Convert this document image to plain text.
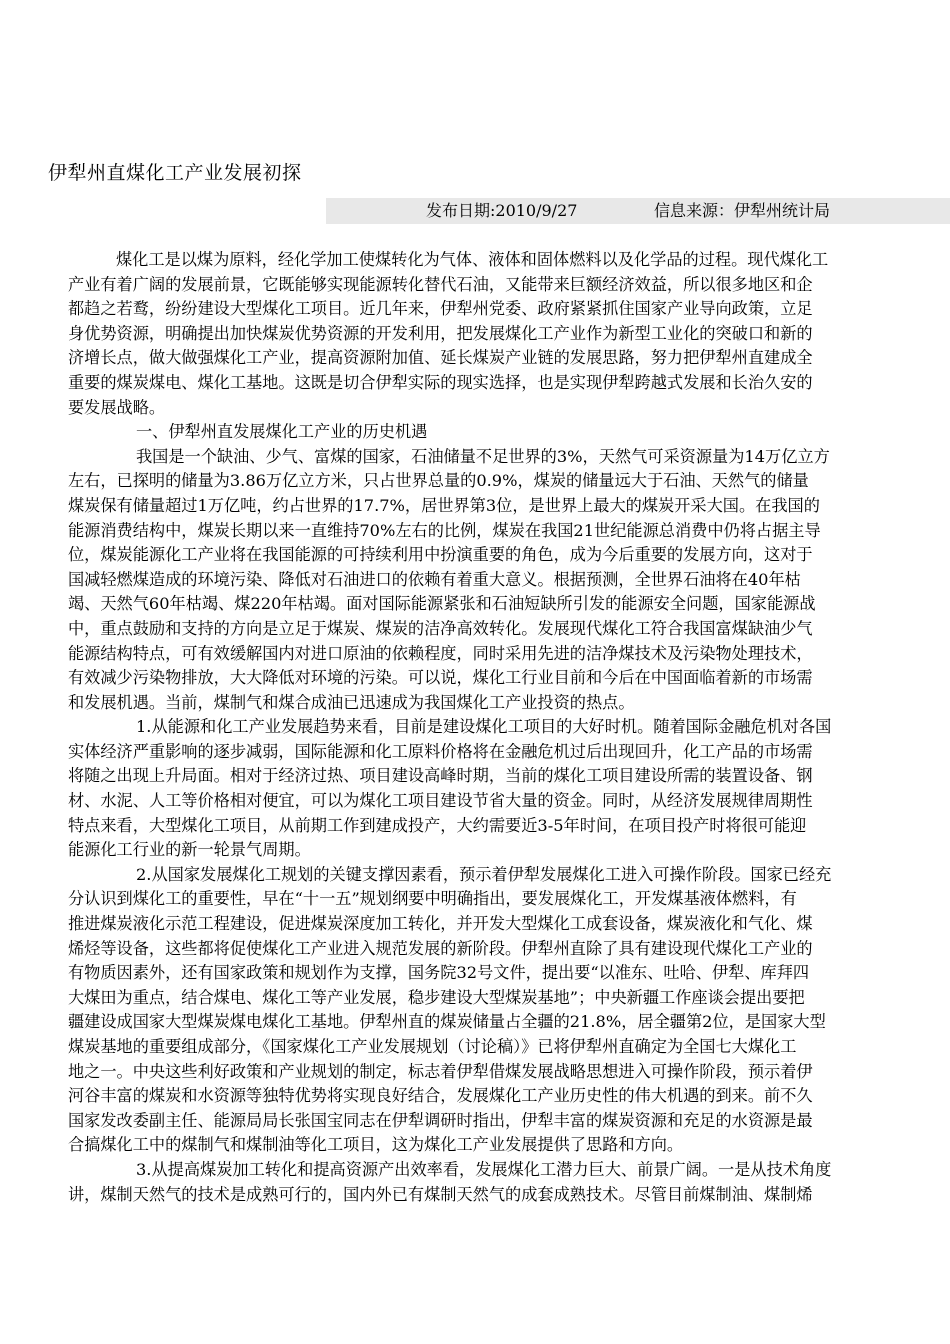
伊犁州直煤化工产业发展初探
发布日期:2010/9/27	信息来源：伊犁州统计局
煤化工是以煤为原料，经化学加工使煤转化为气体、液体和固体燃料以及化学品的过程。现代煤化工
产业有着广阔的发展前景，它既能够实现能源转化替代石油，又能带来巨额经济效益，所以很多地区和企
都趋之若鹜，纷纷建设大型煤化工项目。近几年来，伊犁州党委、政府紧紧抓住国家产业导向政策，立足
身优势资源，明确提出加快煤炭优势资源的开发利用，把发展煤化工产业作为新型工业化的突破口和新的
济增长点，做大做强煤化工产业，提高资源附加值、延长煤炭产业链的发展思路，努力把伊犁州直建成全
重要的煤炭煤电、煤化工基地。这既是切合伊犁实际的现实选择，也是实现伊犁跨越式发展和长治久安的
要发展战略。
一、伊犁州直发展煤化工产业的历史机遇
我国是一个缺油、少气、富煤的国家，石油储量不足世界的3%，天然气可采资源量为14万亿立方
左右，已探明的储量为3.86万亿立方米，只占世界总量的0.9%，煤炭的储量远大于石油、天然气的储量
煤炭保有储量超过1万亿吨，约占世界的17.7%，居世界第3位，是世界上最大的煤炭开采大国。在我国的
能源消费结构中，煤炭长期以来一直维持70%左右的比例，煤炭在我国21世纪能源总消费中仍将占据主导
位，煤炭能源化工产业将在我国能源的可持续利用中扮演重要的角色，成为今后重要的发展方向，这对于
国减轻燃煤造成的环境污染、降低对石油进口的依赖有着重大意义。根据预测，全世界石油将在40年枯
竭、天然气60年枯竭、煤220年枯竭。面对国际能源紧张和石油短缺所引发的能源安全问题，国家能源战
中，重点鼓励和支持的方向是立足于煤炭、煤炭的洁净高效转化。发展现代煤化工符合我国富煤缺油少气
能源结构特点，可有效缓解国内对进口原油的依赖程度，同时采用先进的洁净煤技术及污染物处理技术，
有效减少污染物排放，大大降低对环境的污染。可以说，煤化工行业目前和今后在中国面临着新的市场需
和发展机遇。当前，煤制气和煤合成油已迅速成为我国煤化工产业投资的热点。
1.从能源和化工产业发展趋势来看，目前是建设煤化工项目的大好时机。随着国际金融危机对各国
实体经济严重影响的逐步减弱，国际能源和化工原料价格将在金融危机过后出现回升，化工产品的市场需
将随之出现上升局面。相对于经济过热、项目建设高峰时期，当前的煤化工项目建设所需的装置设备、钢
材、水泥、人工等价格相对便宜，可以为煤化工项目建设节省大量的资金。同时，从经济发展规律周期性
特点来看，大型煤化工项目，从前期工作到建成投产，大约需要近3-5年时间，在项目投产时将很可能迎
能源化工行业的新一轮景气周期。
2.从国家发展煤化工规划的关键支撑因素看，预示着伊犁发展煤化工进入可操作阶段。国家已经充
分认识到煤化工的重要性，早在“十一五”规划纲要中明确指出，要发展煤化工，开发煤基液体燃料，有
推进煤炭液化示范工程建设，促进煤炭深度加工转化，并开发大型煤化工成套设备，煤炭液化和气化、煤
烯烃等设备，这些都将促使煤化工产业进入规范发展的新阶段。伊犁州直除了具有建设现代煤化工产业的
有物质因素外，还有国家政策和规划作为支撑，国务院32号文件，提出要“以准东、吐哈、伊犁、库拜四
大煤田为重点，结合煤电、煤化工等产业发展，稳步建设大型煤炭基地”；中央新疆工作座谈会提出要把
疆建设成国家大型煤炭煤电煤化工基地。伊犁州直的煤炭储量占全疆的21.8%，居全疆第2位，是国家大型
煤炭基地的重要组成部分，《国家煤化工产业发展规划（讨论稿）》已将伊犁州直确定为全国七大煤化工
地之一。中央这些利好政策和产业规划的制定，标志着伊犁借煤发展战略思想进入可操作阶段，预示着伊
河谷丰富的煤炭和水资源等独特优势将实现良好结合，发展煤化工产业历史性的伟大机遇的到来。前不久
国家发改委副主任、能源局局长张国宝同志在伊犁调研时指出，伊犁丰富的煤炭资源和充足的水资源是最
合搞煤化工中的煤制气和煤制油等化工项目，这为煤化工产业发展提供了思路和方向。
3.从提高煤炭加工转化和提高资源产出效率看，发展煤化工潜力巨大、前景广阔。一是从技术角度
讲，煤制天然气的技术是成熟可行的，国内外已有煤制天然气的成套成熟技术。尽管目前煤制油、煤制烯
